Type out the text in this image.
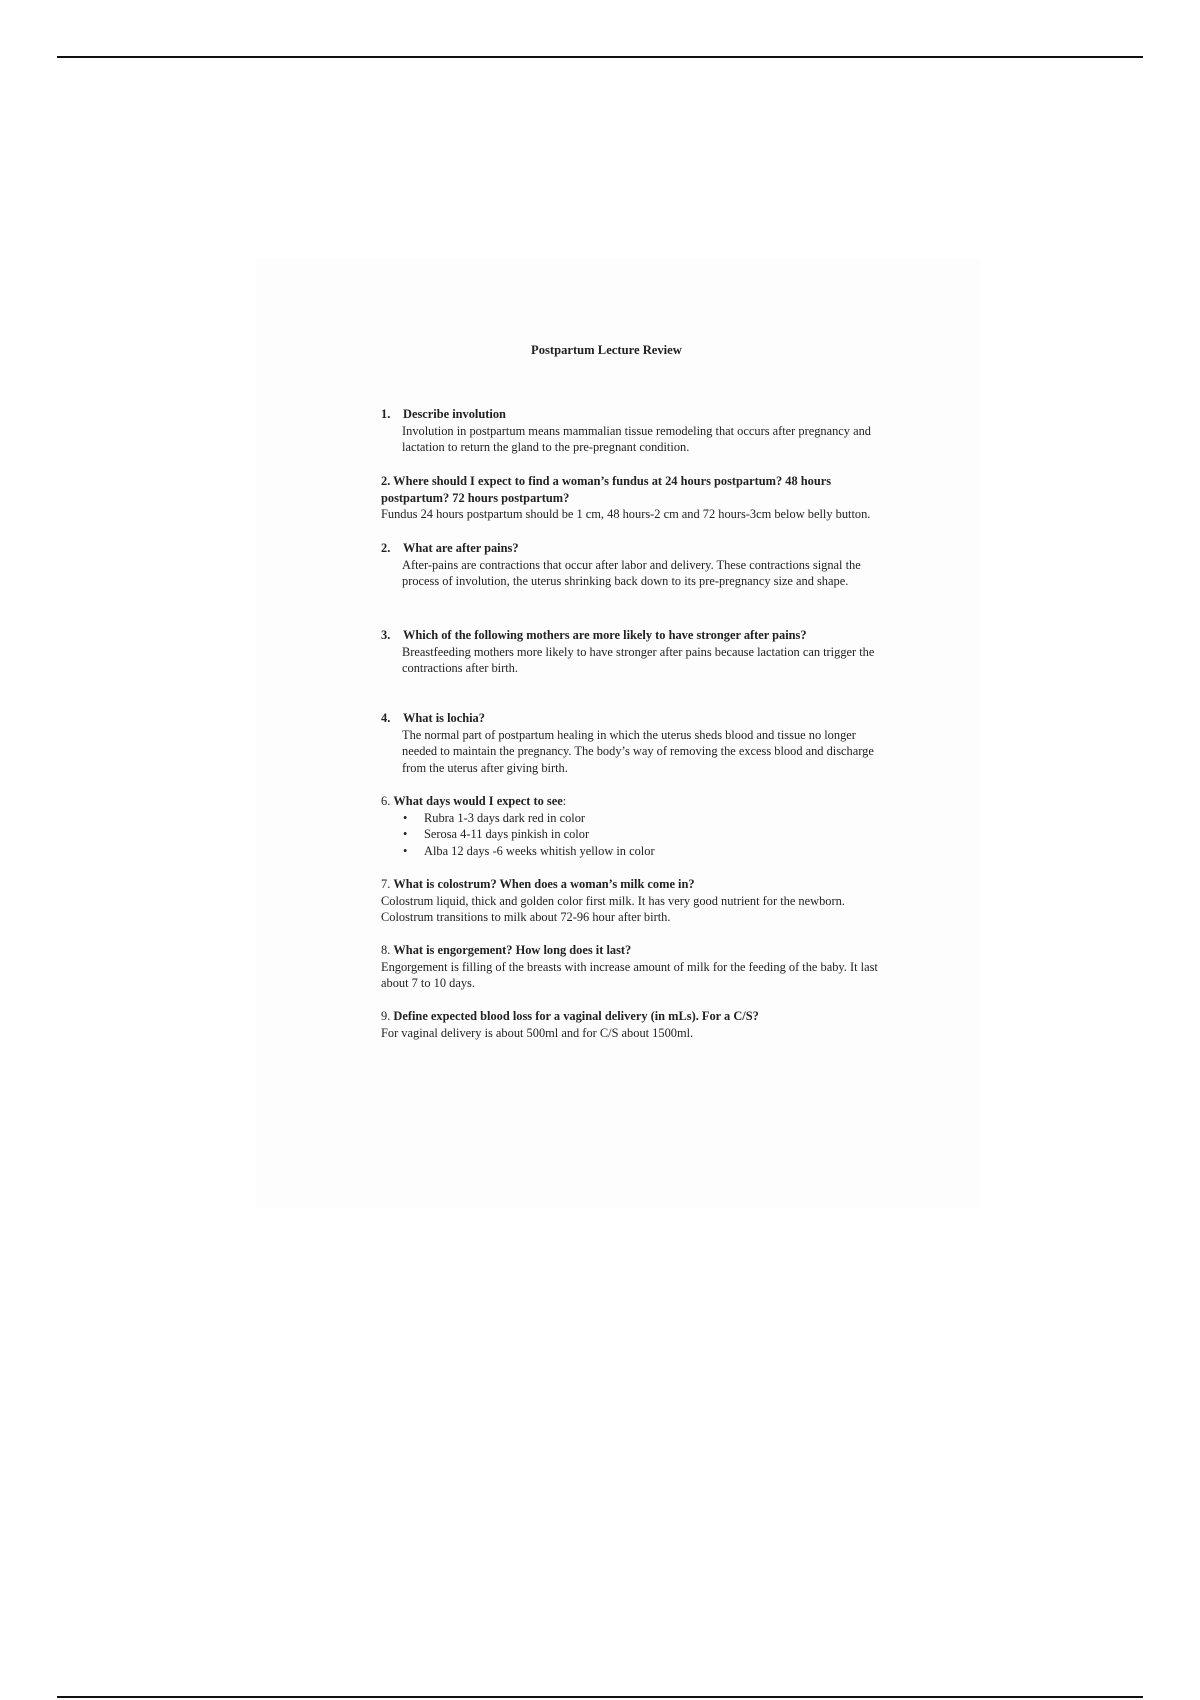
Postpartum Lecture Review
1. Describe involution
Involution in postpartum means mammalian tissue remodeling that occurs after pregnancy and lactation to return the gland to the pre-pregnant condition.
2. Where should I expect to find a woman’s fundus at 24 hours postpartum? 48 hours postpartum? 72 hours postpartum?
Fundus 24 hours postpartum should be 1 cm, 48 hours-2 cm and 72 hours-3cm below belly button.
2. What are after pains?
After-pains are contractions that occur after labor and delivery. These contractions signal the process of involution, the uterus shrinking back down to its pre-pregnancy size and shape.
3. Which of the following mothers are more likely to have stronger after pains?
Breastfeeding mothers more likely to have stronger after pains because lactation can trigger the contractions after birth.
4. What is lochia?
The normal part of postpartum healing in which the uterus sheds blood and tissue no longer needed to maintain the pregnancy. The body’s way of removing the excess blood and discharge from the uterus after giving birth.
6. What days would I expect to see:
• Rubra 1-3 days dark red in color
• Serosa 4-11 days pinkish in color
• Alba 12 days -6 weeks whitish yellow in color
7. What is colostrum? When does a woman’s milk come in?
Colostrum liquid, thick and golden color first milk. It has very good nutrient for the newborn. Colostrum transitions to milk about 72-96 hour after birth.
8. What is engorgement? How long does it last?
Engorgement is filling of the breasts with increase amount of milk for the feeding of the baby. It last about 7 to 10 days.
9. Define expected blood loss for a vaginal delivery (in mLs). For a C/S?
For vaginal delivery is about 500ml and for C/S about 1500ml.
